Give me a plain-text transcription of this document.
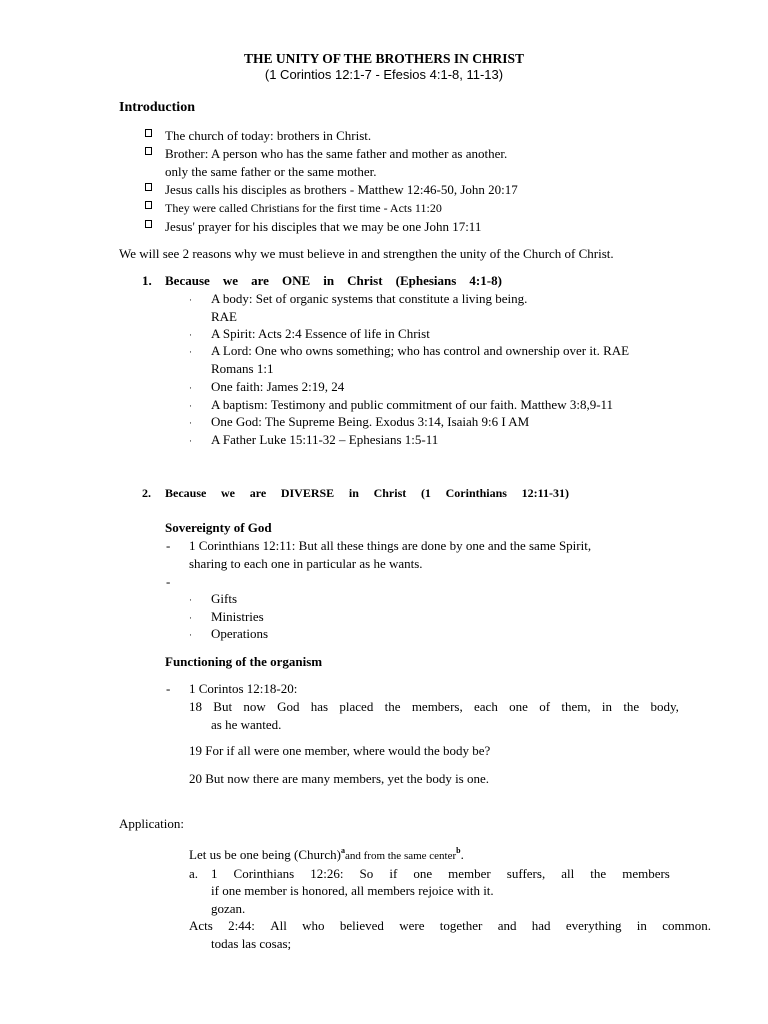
THE UNITY OF THE BROTHERS IN CHRIST
(1 Corintios 12:1-7 - Efesios 4:1-8, 11-13)
Introduction
The church of today: brothers in Christ.
Brother: A person who has the same father and mother as another.
only the same father or the same mother.
Jesus calls his disciples as brothers - Matthew 12:46-50, John 20:17
They were called Christians for the first time - Acts 11:20
Jesus' prayer for his disciples that we may be one John 17:11
We will see 2 reasons why we must believe in and strengthen the unity of the Church of Christ.
1. Because we are ONE in Christ (Ephesians 4:1-8)
· A body: Set of organic systems that constitute a living being.
RAE
· A Spirit: Acts 2:4 Essence of life in Christ
· A Lord: One who owns something; who has control and ownership over it. RAE
Romans 1:1
· One faith: James 2:19, 24
· A baptism: Testimony and public commitment of our faith. Matthew 3:8,9-11
· One God: The Supreme Being. Exodus 3:14, Isaiah 9:6 I AM
· A Father Luke 15:11-32 – Ephesians 1:5-11
2. Because we are DIVERSE in Christ (1 Corinthians 12:11-31)
Sovereignty of God
- 1 Corinthians 12:11: But all these things are done by one and the same Spirit,
sharing to each one in particular as he wants.
-
· Gifts
· Ministries
· Operations
Functioning of the organism
- 1 Corintos 12:18-20:
18 But now God has placed the members, each one of them, in the body,
as he wanted.
19 For if all were one member, where would the body be?
20 But now there are many members, yet the body is one.
Application:
Let us be one being (Church)$^a$and from the same center$^b$.
a. 1 Corinthians 12:26: So if one member suffers, all the members
if one member is honored, all members rejoice with it.
gozan.
Acts 2:44: All who believed were together and had everything in common.
todas las cosas;
